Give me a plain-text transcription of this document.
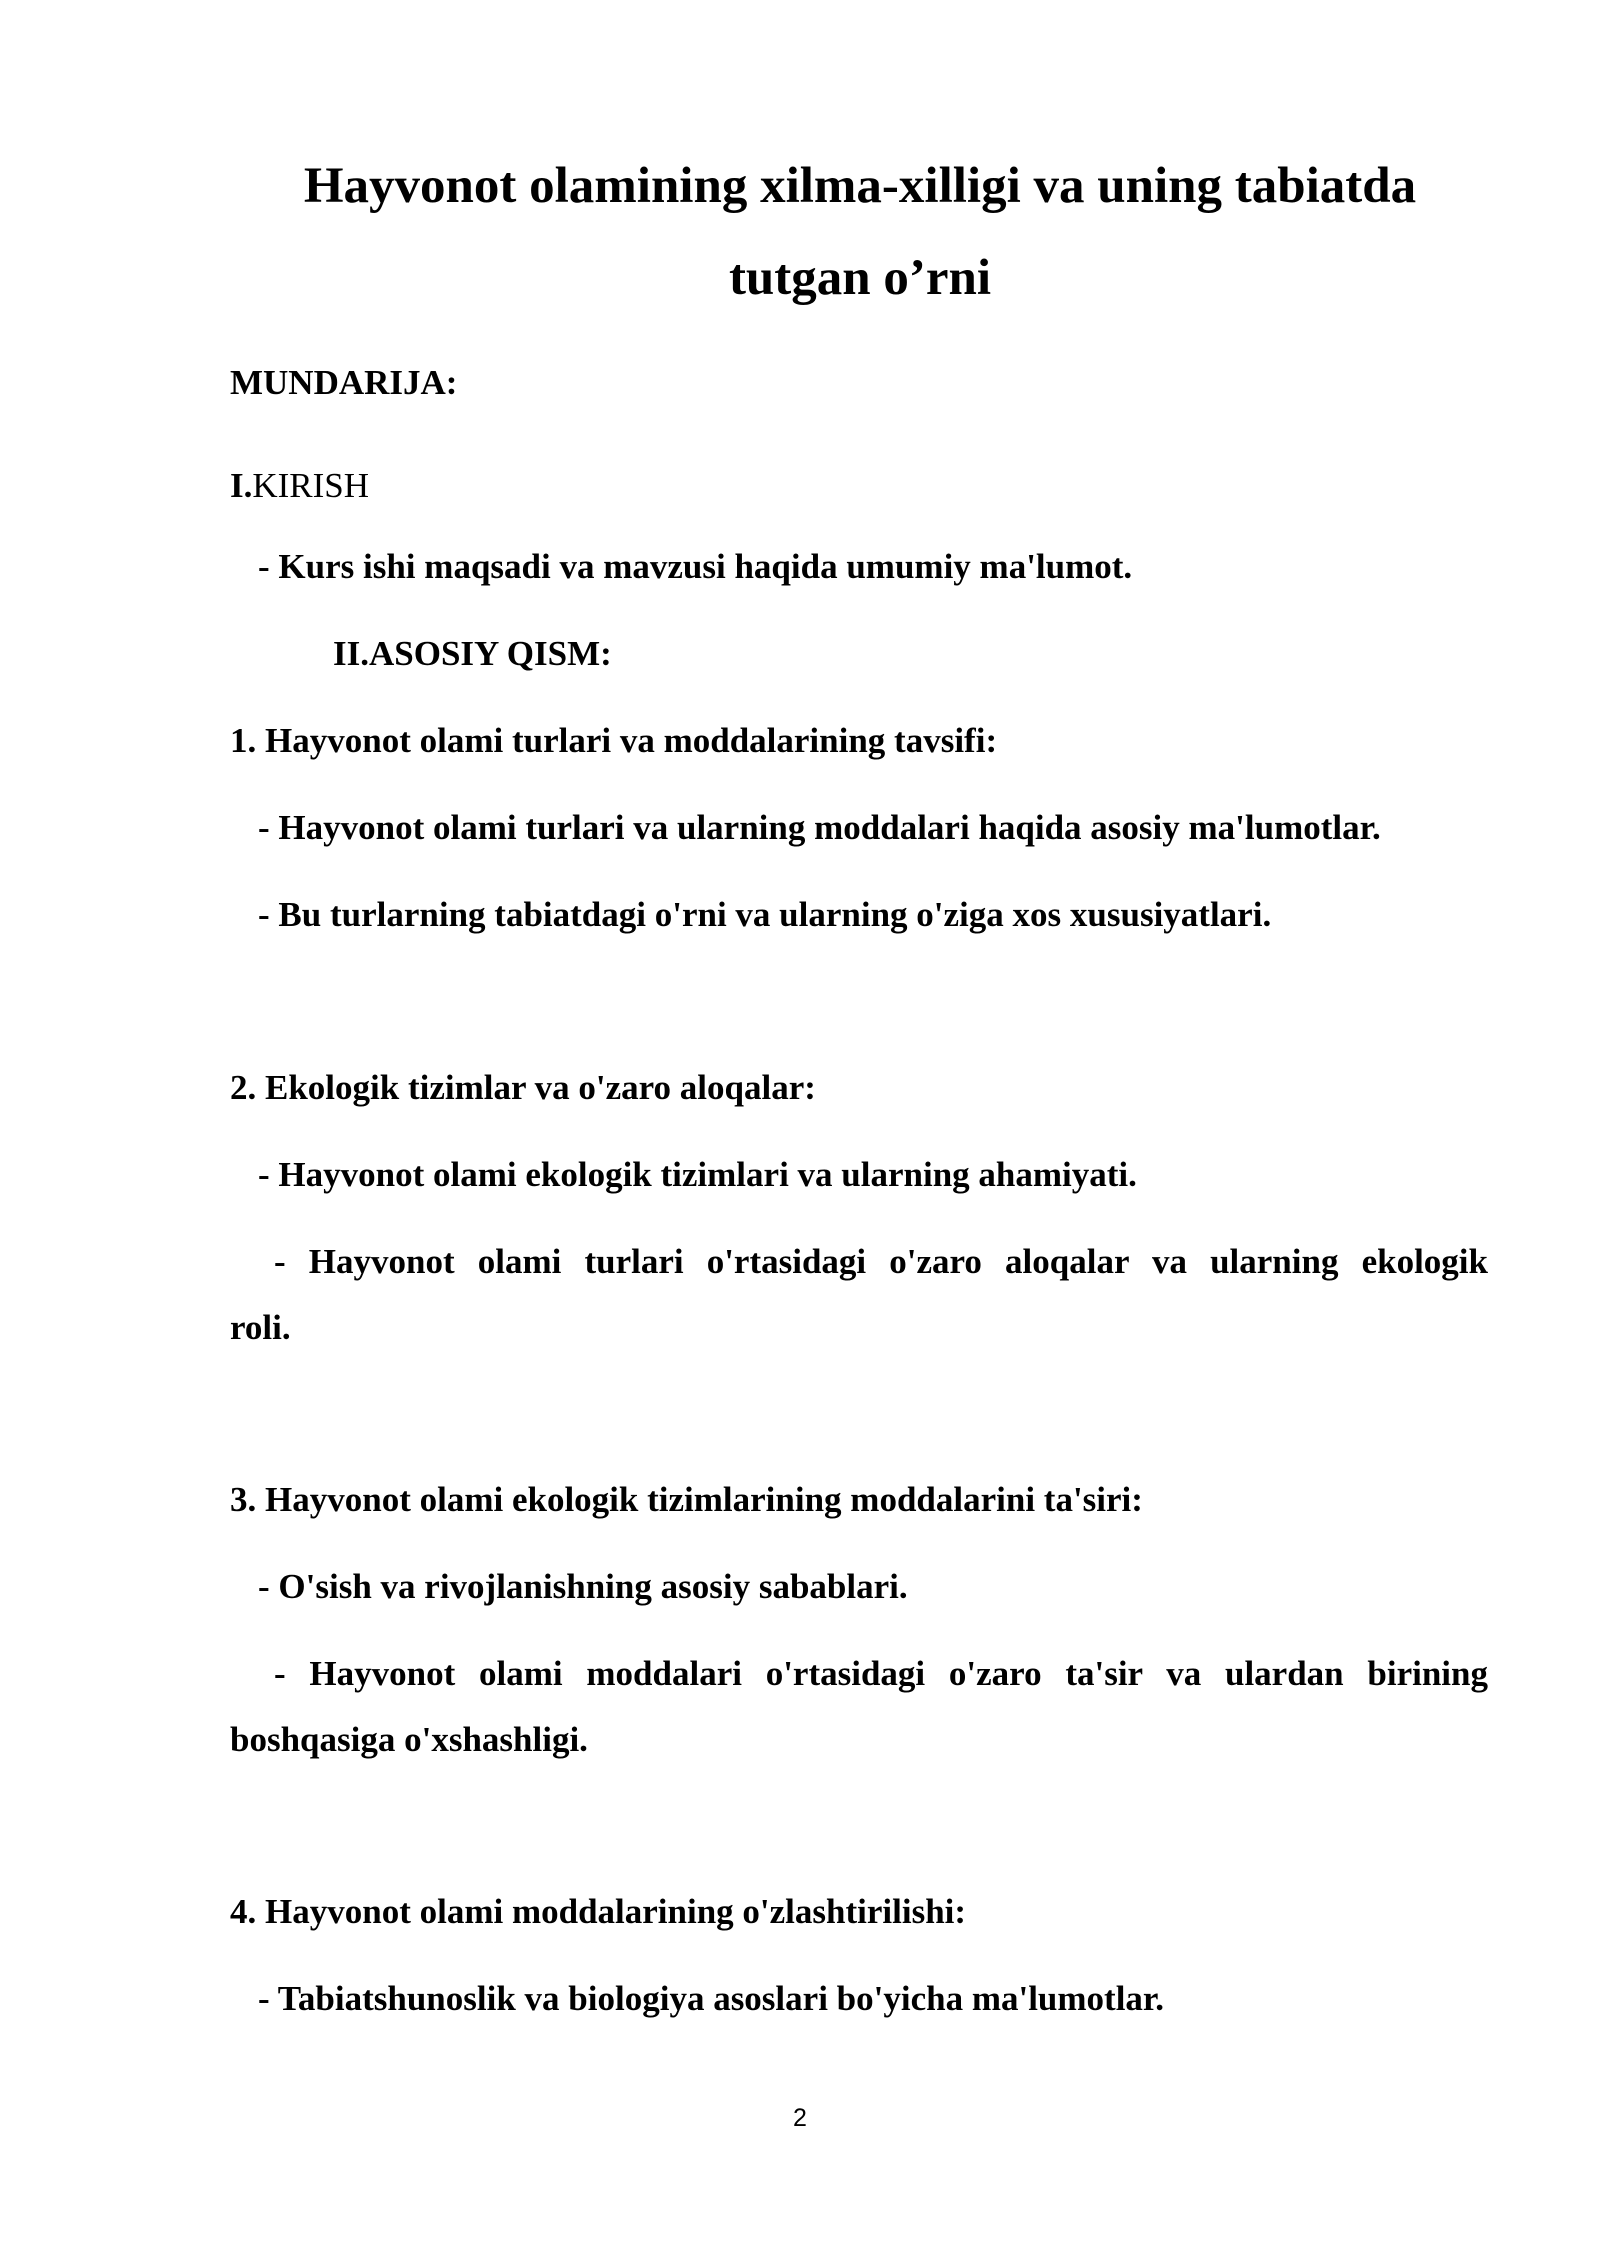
Hayvonot olamining xilma-xilligi va uning tabiatda
tutgan o’rni
MUNDARIJA:
I.KIRISH
- Kurs ishi maqsadi va mavzusi haqida umumiy ma'lumot.
II.ASOSIY QISM:
1. Hayvonot olami turlari va moddalarining tavsifi:
- Hayvonot olami turlari va ularning moddalari haqida asosiy ma'lumotlar.
- Bu turlarning tabiatdagi o'rni va ularning o'ziga xos xususiyatlari.
2. Ekologik tizimlar va o'zaro aloqalar:
- Hayvonot olami ekologik tizimlari va ularning ahamiyati.
- Hayvonot olami turlari o'rtasidagi o'zaro aloqalar va ularning ekologik
roli.
3. Hayvonot olami ekologik tizimlarining moddalarini ta'siri:
- O'sish va rivojlanishning asosiy sabablari.
- Hayvonot olami moddalari o'rtasidagi o'zaro ta'sir va ulardan birining
boshqasiga o'xshashligi.
4. Hayvonot olami moddalarining o'zlashtirilishi:
- Tabiatshunoslik va biologiya asoslari bo'yicha ma'lumotlar.
2
